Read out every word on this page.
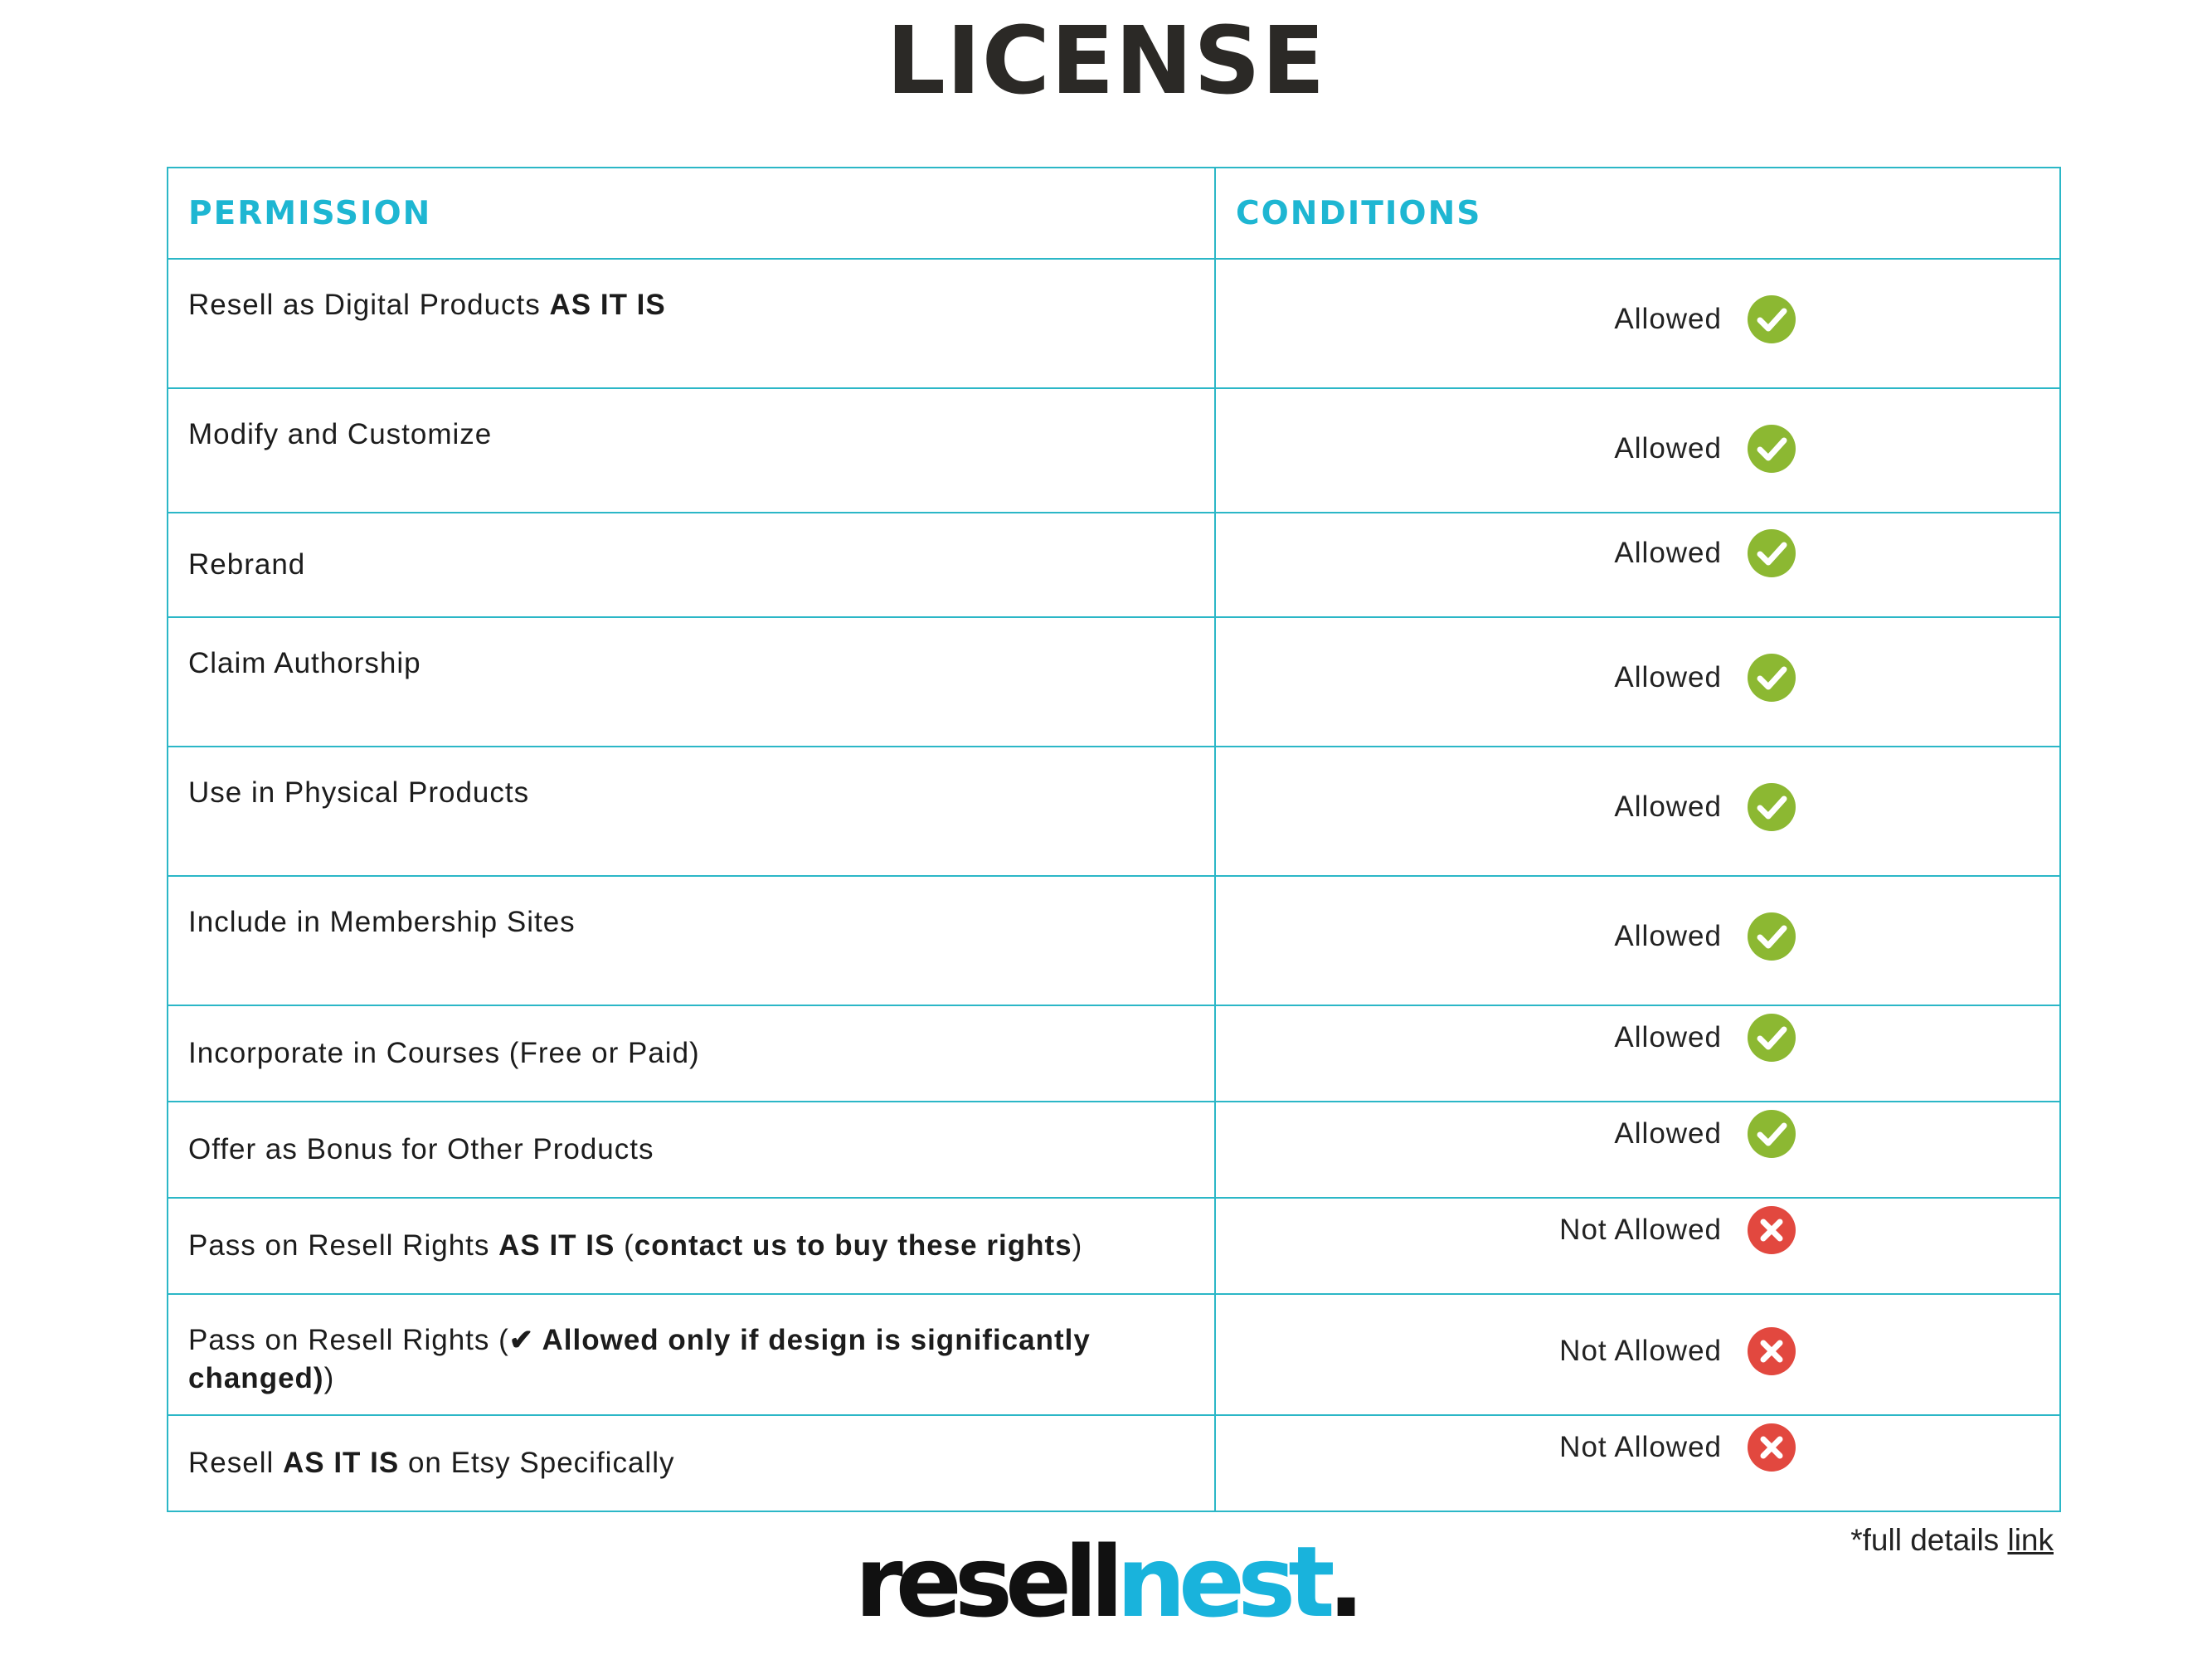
LICENSE
PERMISSION	CONDITIONS
Resell as Digital Products AS IT IS	Allowed

Modify and Customize	Allowed

Rebrand	Allowed

Claim Authorship	Allowed

Use in Physical Products	Allowed

Include in Membership Sites	Allowed

Incorporate in Courses (Free or Paid)	Allowed

Offer as Bonus for Other Products	Allowed

Pass on Resell Rights AS IT IS (contact us to buy these rights)	Not Allowed

Pass on Resell Rights (✔ Allowed only if design is significantly changed))	Not Allowed

Resell AS IT IS on Etsy Specifically	Not Allowed
*full details link
resellnest.
